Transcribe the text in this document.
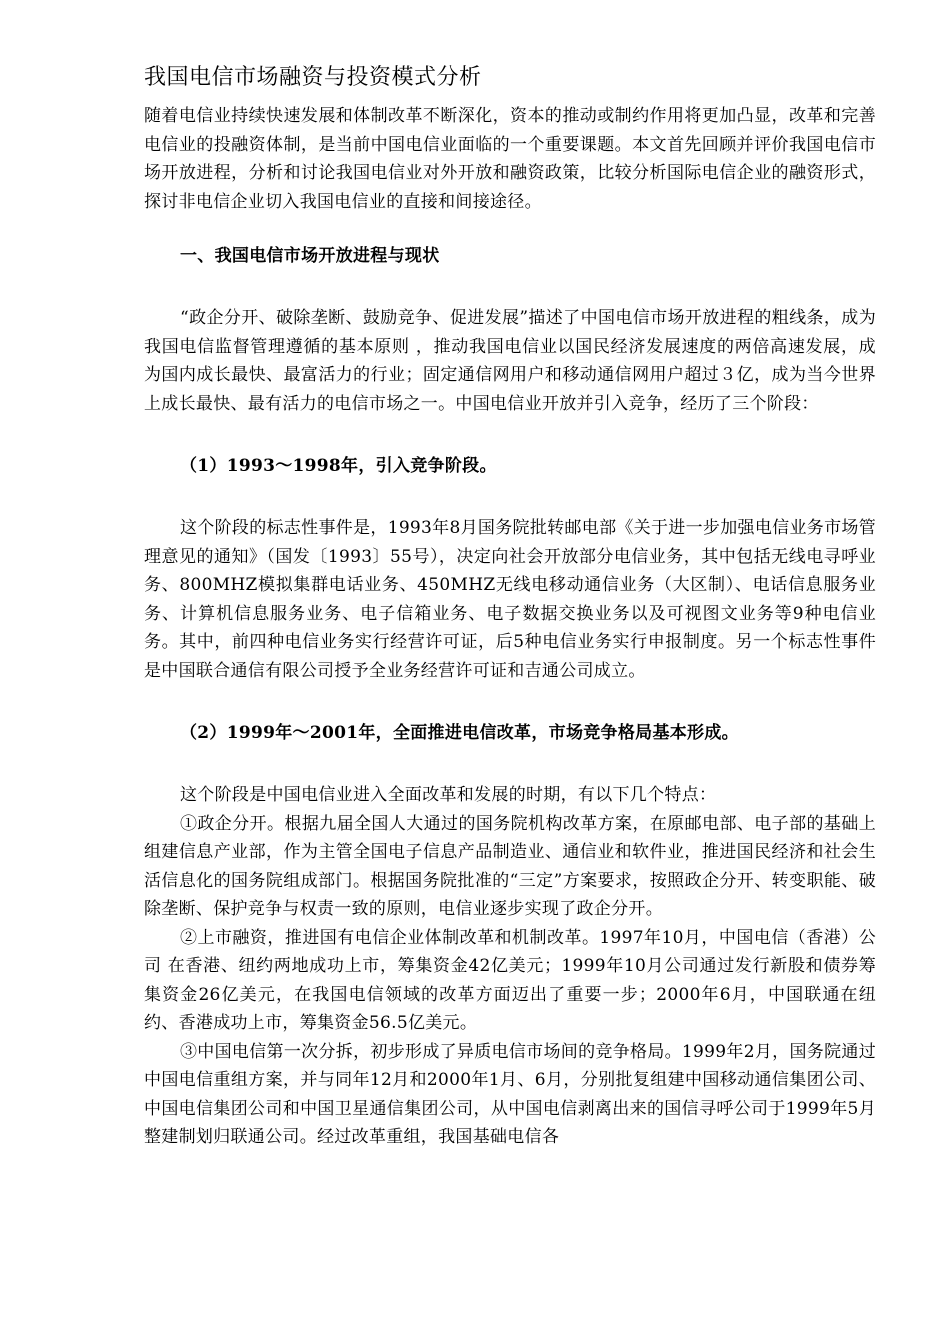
我国电信市场融资与投资模式分析

随着电信业持续快速发展和体制改革不断深化，资本的推动或制约作用将更加凸显，改革和完善电信业的投融资体制，是当前中国电信业面临的一个重要课题。本文首先回顾并评价我国电信市场开放进程，分析和讨论我国电信业对外开放和融资政策，比较分析国际电信企业的融资形式，探讨非电信企业切入我国电信业的直接和间接途径。

一、我国电信市场开放进程与现状

“政企分开、破除垄断、鼓励竞争、促进发展”描述了中国电信市场开放进程的粗线条，成为我国电信监督管理遵循的基本原则 ，推动我国电信业以国民经济发展速度的两倍高速发展，成为国内成长最快、最富活力的行业；固定通信网用户和移动通信网用户超过３亿，成为当今世界上成长最快、最有活力的电信市场之一。中国电信业开放并引入竞争，经历了三个阶段：

（1）1993～1998年，引入竞争阶段。

这个阶段的标志性事件是，1993年8月国务院批转邮电部《关于进一步加强电信业务市场管理意见的通知》（国发〔1993〕55号），决定向社会开放部分电信业务，其中包括无线电寻呼业务、800MHZ模拟集群电话业务、450MHZ无线电移动通信业务（大区制）、电话信息服务业务、计算机信息服务业务、电子信箱业务、电子数据交换业务以及可视图文业务等9种电信业务。其中，前四种电信业务实行经营许可证，后5种电信业务实行申报制度。另一个标志性事件是中国联合通信有限公司授予全业务经营许可证和吉通公司成立。

（2）1999年～2001年，全面推进电信改革，市场竞争格局基本形成。

这个阶段是中国电信业进入全面改革和发展的时期，有以下几个特点：

①政企分开。根据九届全国人大通过的国务院机构改革方案，在原邮电部、电子部的基础上组建信息产业部，作为主管全国电子信息产品制造业、通信业和软件业，推进国民经济和社会生活信息化的国务院组成部门。根据国务院批准的“三定”方案要求，按照政企分开、转变职能、破除垄断、保护竞争与权责一致的原则，电信业逐步实现了政企分开。

②上市融资，推进国有电信企业体制改革和机制改革。1997年10月，中国电信（香港）公司 在香港、纽约两地成功上市，筹集资金42亿美元；1999年10月公司通过发行新股和债券筹集资金26亿美元，在我国电信领域的改革方面迈出了重要一步；2000年6月，中国联通在纽约、香港成功上市，筹集资金56.5亿美元。

③中国电信第一次分拆，初步形成了异质电信市场间的竞争格局。1999年2月，国务院通过中国电信重组方案，并与同年12月和2000年1月、6月，分别批复组建中国移动通信集团公司、中国电信集团公司和中国卫星通信集团公司，从中国电信剥离出来的国信寻呼公司于1999年5月整建制划归联通公司。经过改革重组，我国基础电信各
